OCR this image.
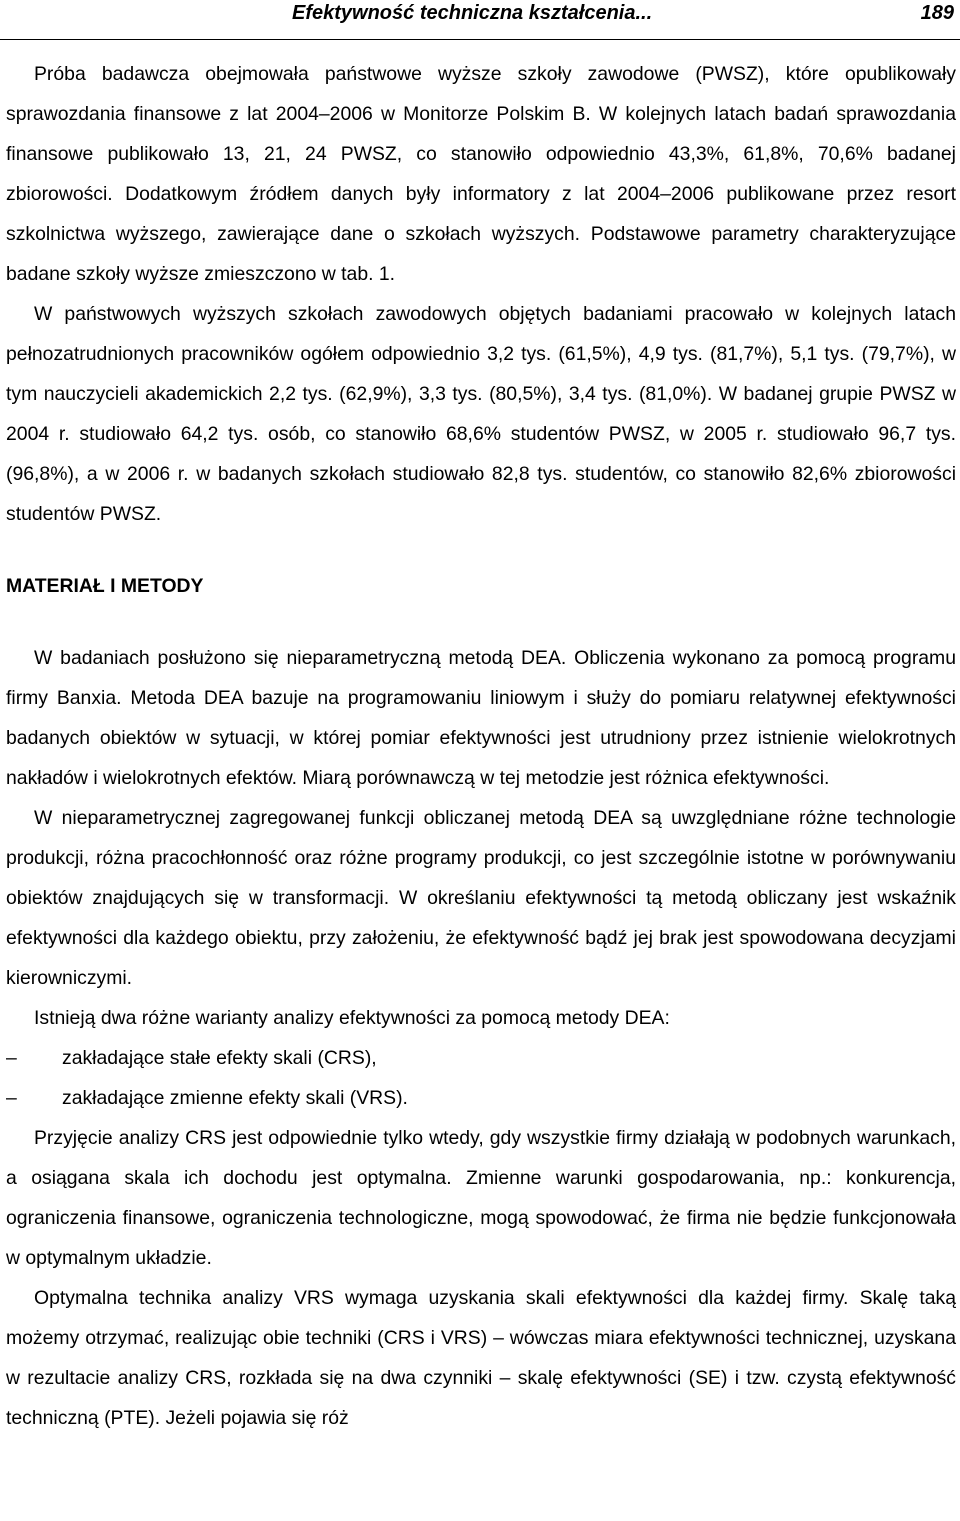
Efektywność techniczna kształcenia...	189

Próba badawcza obejmowała państwowe wyższe szkoły zawodowe (PWSZ), które opublikowały sprawozdania finansowe z lat 2004–2006 w Monitorze Polskim B. W kolejnych latach badań sprawozdania finansowe publikowało 13, 21, 24 PWSZ, co stanowiło odpowiednio 43,3%, 61,8%, 70,6% badanej zbiorowości. Dodatkowym źródłem danych były informatory z lat 2004–2006 publikowane przez resort szkolnictwa wyższego, zawierające dane o szkołach wyższych. Podstawowe parametry charakteryzujące badane szkoły wyższe zmieszczono w tab. 1.

W państwowych wyższych szkołach zawodowych objętych badaniami pracowało w kolejnych latach pełnozatrudnionych pracowników ogółem odpowiednio 3,2 tys. (61,5%), 4,9 tys. (81,7%), 5,1 tys. (79,7%), w tym nauczycieli akademickich 2,2 tys. (62,9%), 3,3 tys. (80,5%), 3,4 tys. (81,0%). W badanej grupie PWSZ w 2004 r. studiowało 64,2 tys. osób, co stanowiło 68,6% studentów PWSZ, w 2005 r. studiowało 96,7 tys. (96,8%), a w 2006 r. w badanych szkołach studiowało 82,8 tys. studentów, co stanowiło 82,6% zbiorowości studentów PWSZ.

MATERIAŁ I METODY

W badaniach posłużono się nieparametryczną metodą DEA. Obliczenia wykonano za pomocą programu firmy Banxia. Metoda DEA bazuje na programowaniu liniowym i służy do pomiaru relatywnej efektywności badanych obiektów w sytuacji, w której pomiar efektywności jest utrudniony przez istnienie wielokrotnych nakładów i wielokrotnych efektów. Miarą porównawczą w tej metodzie jest różnica efektywności.

W nieparametrycznej zagregowanej funkcji obliczanej metodą DEA są uwzględniane różne technologie produkcji, różna pracochłonność oraz różne programy produkcji, co jest szczególnie istotne w porównywaniu obiektów znajdujących się w transformacji. W określaniu efektywności tą metodą obliczany jest wskaźnik efektywności dla każdego obiektu, przy założeniu, że efektywność bądź jej brak jest spowodowana decyzjami kierowniczymi.

Istnieją dwa różne warianty analizy efektywności za pomocą metody DEA:

– zakładające stałe efekty skali (CRS),
– zakładające zmienne efekty skali (VRS).

Przyjęcie analizy CRS jest odpowiednie tylko wtedy, gdy wszystkie firmy działają w podobnych warunkach, a osiągana skala ich dochodu jest optymalna. Zmienne warunki gospodarowania, np.: konkurencja, ograniczenia finansowe, ograniczenia technologiczne, mogą spowodować, że firma nie będzie funkcjonowała w optymalnym układzie.

Optymalna technika analizy VRS wymaga uzyskania skali efektywności dla każdej firmy. Skalę taką możemy otrzymać, realizując obie techniki (CRS i VRS) – wówczas miara efektywności technicznej, uzyskana w rezultacie analizy CRS, rozkłada się na dwa czynniki – skalę efektywności (SE) i tzw. czystą efektywność techniczną (PTE). Jeżeli pojawia się róż
